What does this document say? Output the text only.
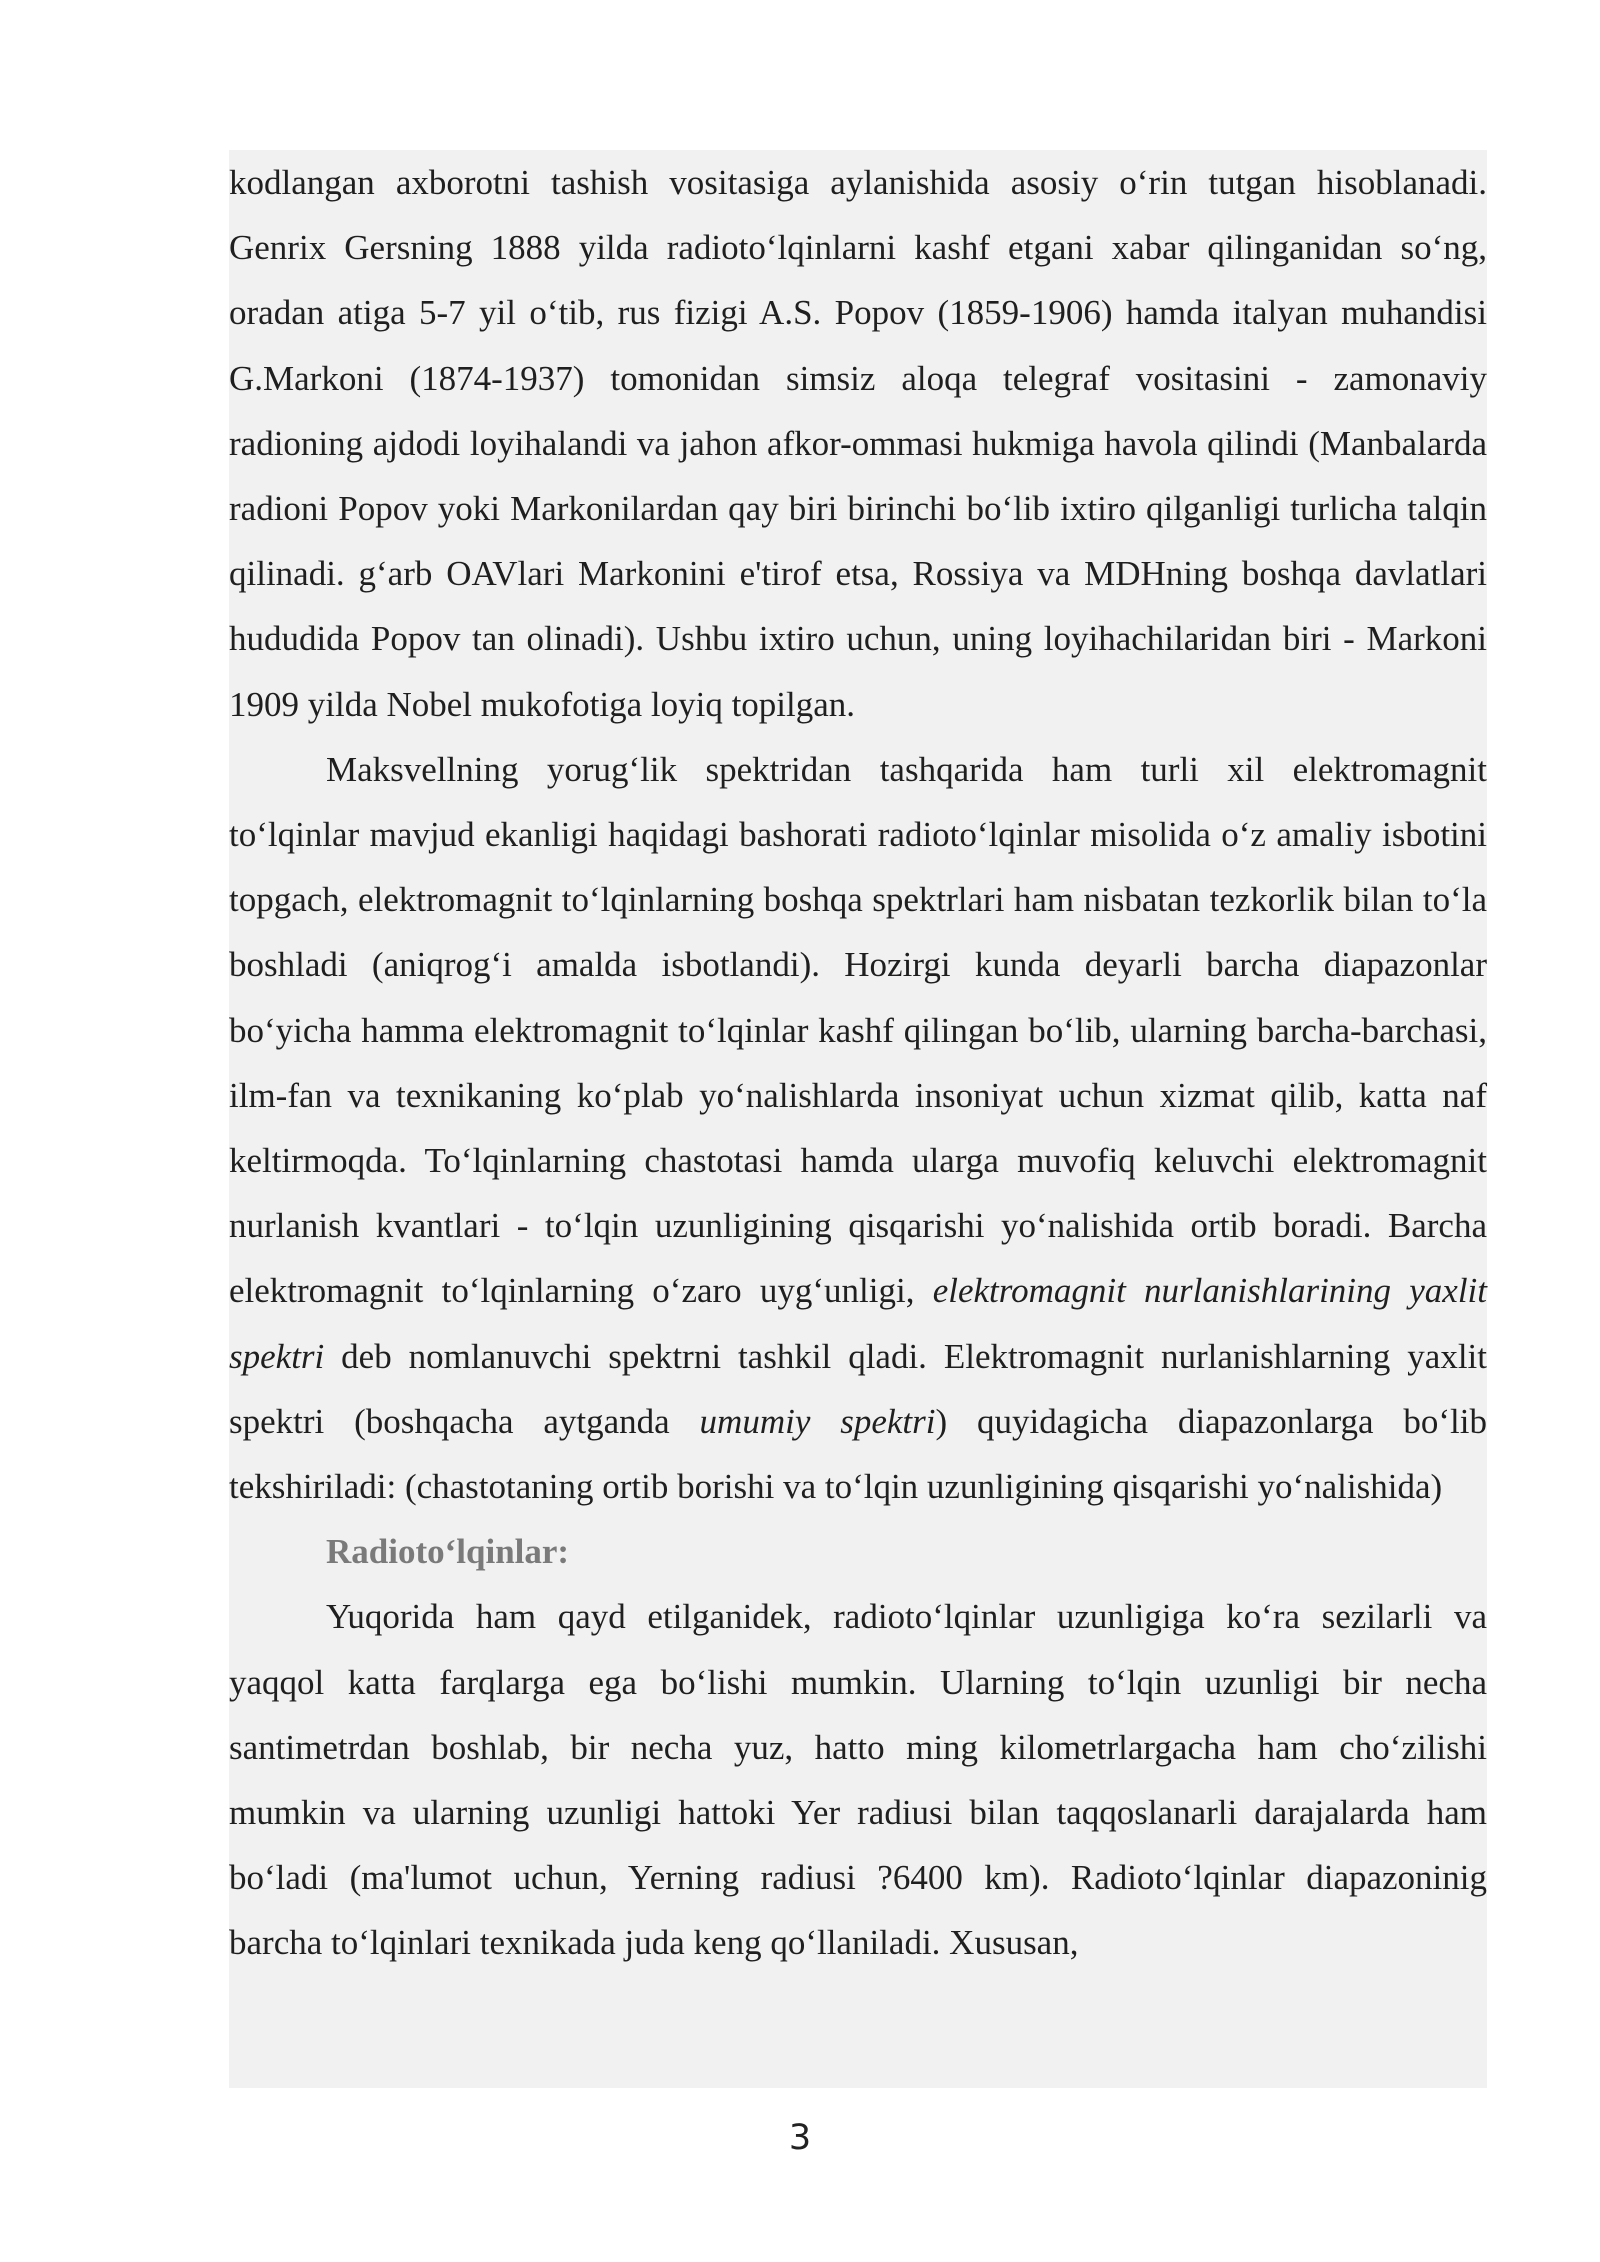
kodlangan axborotni tashish vositasiga aylanishida asosiy o‘rin tutgan hisoblanadi. Genrix Gersning 1888 yilda radioto‘lqinlarni kashf etgani xabar qilinganidan so‘ng, oradan atiga 5-7 yil o‘tib, rus fizigi A.S. Popov (1859-1906) hamda italyan muhandisi G.Markoni (1874-1937) tomonidan simsiz aloqa telegraf vositasini - zamonaviy radioning ajdodi loyihalandi va jahon afkor-ommasi hukmiga havola qilindi (Manbalarda radioni Popov yoki Markonilardan qay biri birinchi bo‘lib ixtiro qilganligi turlicha talqin qilinadi. g‘arb OAVlari Markonini e'tirof etsa, Rossiya va MDHning boshqa davlatlari hududida Popov tan olinadi). Ushbu ixtiro uchun, uning loyihachilaridan biri - Markoni 1909 yilda Nobel mukofotiga loyiq topilgan.

Maksvellning yorug‘lik spektridan tashqarida ham turli xil elektromagnit to‘lqinlar mavjud ekanligi haqidagi bashorati radioto‘lqinlar misolida o‘z amaliy isbotini topgach, elektromagnit to‘lqinlarning boshqa spektrlari ham nisbatan tezkorlik bilan to‘la boshladi (aniqrog‘i amalda isbotlandi). Hozirgi kunda deyarli barcha diapazonlar bo‘yicha hamma elektromagnit to‘lqinlar kashf qilingan bo‘lib, ularning barcha-barchasi, ilm-fan va texnikaning ko‘plab yo‘nalishlarda insoniyat uchun xizmat qilib, katta naf keltirmoqda. To‘lqinlarning chastotasi hamda ularga muvofiq keluvchi elektromagnit nurlanish kvantlari - to‘lqin uzunligining qisqarishi yo‘nalishida ortib boradi. Barcha elektromagnit to‘lqinlarning o‘zaro uyg‘unligi, elektromagnit nurlanishlarining yaxlit spektri deb nomlanuvchi spektrni tashkil qladi. Elektromagnit nurlanishlarning yaxlit spektri (boshqacha aytganda umumiy spektri) quyidagicha diapazonlarga bo‘lib tekshiriladi: (chastotaning ortib borishi va to‘lqin uzunligining qisqarishi yo‘nalishida)

Radioto‘lqinlar:

Yuqorida ham qayd etilganidek, radioto‘lqinlar uzunligiga ko‘ra sezilarli va yaqqol katta farqlarga ega bo‘lishi mumkin. Ularning to‘lqin uzunligi bir necha santimetrdan boshlab, bir necha yuz, hatto ming kilometrlargacha ham cho‘zilishi mumkin va ularning uzunligi hattoki Yer radiusi bilan taqqoslanarli darajalarda ham bo‘ladi (ma'lumot uchun, Yerning radiusi ?6400 km). Radioto‘lqinlar diapazoninig barcha to‘lqinlari texnikada juda keng qo‘llaniladi. Xususan,

3
